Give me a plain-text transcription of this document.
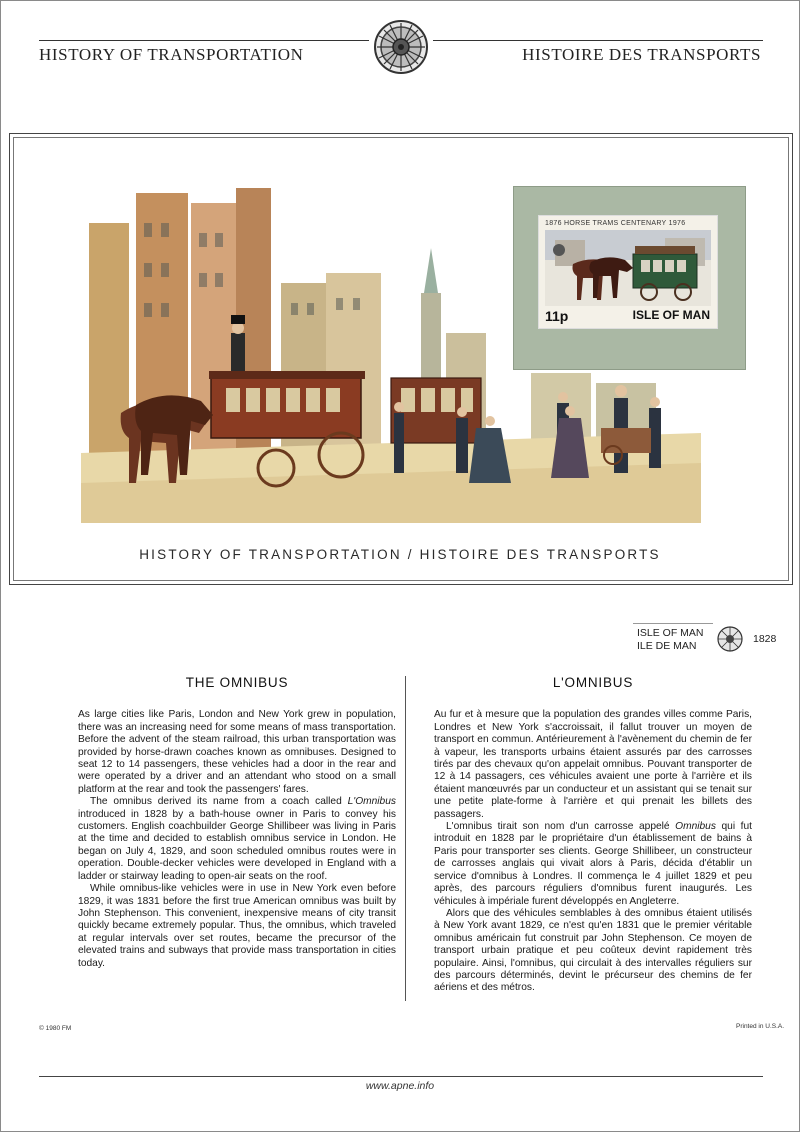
HISTORY OF TRANSPORTATION	HISTOIRE DES TRANSPORTS
1876 HORSE TRAMS CENTENARY 1976
11p	ISLE OF MAN
HISTORY OF TRANSPORTATION / HISTOIRE DES TRANSPORTS
ISLE OF MAN
ILE DE MAN
1828
THE OMNIBUS

As large cities like Paris, London and New York grew in population, there was an increasing need for some means of mass transportation. Before the advent of the steam railroad, this urban transportation was provided by horse-drawn coaches known as omnibuses. Designed to seat 12 to 14 passengers, these vehicles had a door in the rear and were operated by a driver and an attendant who stood on a small platform at the rear and took the passengers' fares.

The omnibus derived its name from a coach called L'Omnibus introduced in 1828 by a bath-house owner in Paris to convey his customers. English coachbuilder George Shillibeer was living in Paris at the time and decided to establish omnibus service in London. He began on July 4, 1829, and soon scheduled omnibus routes were in operation. Double-decker vehicles were developed in England with a ladder or stairway leading to open-air seats on the roof.

While omnibus-like vehicles were in use in New York even before 1829, it was 1831 before the first true American omnibus was built by John Stephenson. This convenient, inexpensive means of city transit quickly became extremely popular. Thus, the omnibus, which traveled at regular intervals over set routes, became the precursor of the elevated trains and subways that provide mass transportation in cities today.

L'OMNIBUS

Au fur et à mesure que la population des grandes villes comme Paris, Londres et New York s'accroissait, il fallut trouver un moyen de transport en commun. Antérieurement à l'avènement du chemin de fer à vapeur, les transports urbains étaient assurés par des carrosses tirés par des chevaux qu'on appelait omnibus. Pouvant transporter de 12 à 14 passagers, ces véhicules avaient une porte à l'arrière et ils étaient manœuvrés par un conducteur et un assistant qui se tenait sur une petite plate-forme à l'arrière et qui prenait les billets des passagers.

L'omnibus tirait son nom d'un carrosse appelé Omnibus qui fut introduit en 1828 par le propriétaire d'un établissement de bains à Paris pour transporter ses clients. George Shillibeer, un constructeur de carrosses anglais qui vivait alors à Paris, décida d'établir un service d'omnibus à Londres. Il commença le 4 juillet 1829 et peu après, des parcours réguliers d'omnibus furent inaugurés. Les véhicules à impériale furent développés en Angleterre.

Alors que des véhicules semblables à des omnibus étaient utilisés à New York avant 1829, ce n'est qu'en 1831 que le premier véritable omnibus américain fut construit par John Stephenson. Ce moyen de transport urbain pratique et peu coûteux devint rapidement très populaire. Ainsi, l'omnibus, qui circulait à des intervalles réguliers sur des parcours déterminés, devint le précurseur des chemins de fer aériens et des métros.

© 1980 FM	Printed in U.S.A.
www.apne.info
